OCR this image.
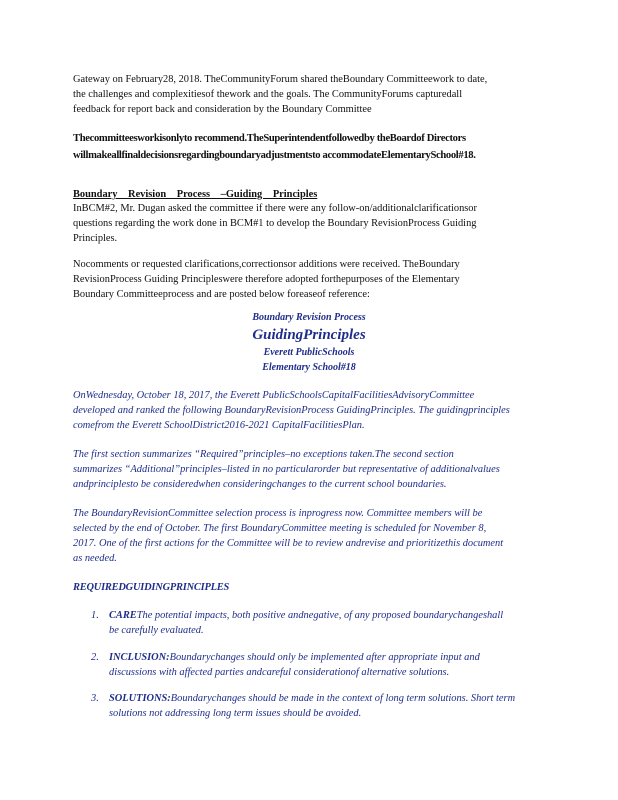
Gateway on February28, 2018. TheCommunityForum shared theBoundary Committeework to date,

the challenges and complexitiesof thework and the goals. The CommunityForums capturedall

feedback for report back and consideration by the Boundary Committee

Thecommitteesworkisonlyto recommend.TheSuperintendentfollowedby theBoardof Directors

willmakeallfinaldecisionsregardingboundaryadjustmentsto accommodateElementarySchool#18.

Boundary Revision Process –Guiding Principles

InBCM#2, Mr. Dugan asked the committee if there were any follow-on/additionalclarificationsor

questions regarding the work done in BCM#1 to develop the Boundary RevisionProcess Guiding

Principles.

Nocomments or requested clarifications,correctionsor additions were received. TheBoundary

RevisionProcess Guiding Principleswere therefore adopted forthepurposes of the Elementary

Boundary Committeeprocess and are posted below foreaseof reference:

Boundary Revision Process

GuidingPrinciples

Everett PublicSchools

Elementary School#18

OnWednesday, October 18, 2017, the Everett PublicSchoolsCapitalFacilitiesAdvisoryCommittee

developed and ranked the following BoundaryRevisionProcess GuidingPrinciples. The guidingprinciples

comefrom the Everett SchoolDistrict2016-2021 CapitalFacilitiesPlan.

The first section summarizes “Required”principles–no exceptions taken.The second section

summarizes “Additional”principles–listed in no particularorder but representative of additionalvalues

andprinciplesto be consideredwhen consideringchanges to the current school boundaries.

The BoundaryRevisionCommittee selection process is inprogress now. Committee members will be

selected by the end of October. The first BoundaryCommittee meeting is scheduled for November 8,

2017. One of the first actions for the Committee will be to review andrevise and prioritizethis document

as needed.

REQUIREDGUIDINGPRINCIPLES

1. CAREThe potential impacts, both positive andnegative, of any proposed boundarychangeshall
be carefully evaluated.
2. INCLUSION:Boundarychanges should only be implemented after appropriate input and
discussions with affected parties andcareful considerationof alternative solutions.
3. SOLUTIONS:Boundarychanges should be made in the context of long term solutions. Short term
solutions not addressing long term issues should be avoided.
